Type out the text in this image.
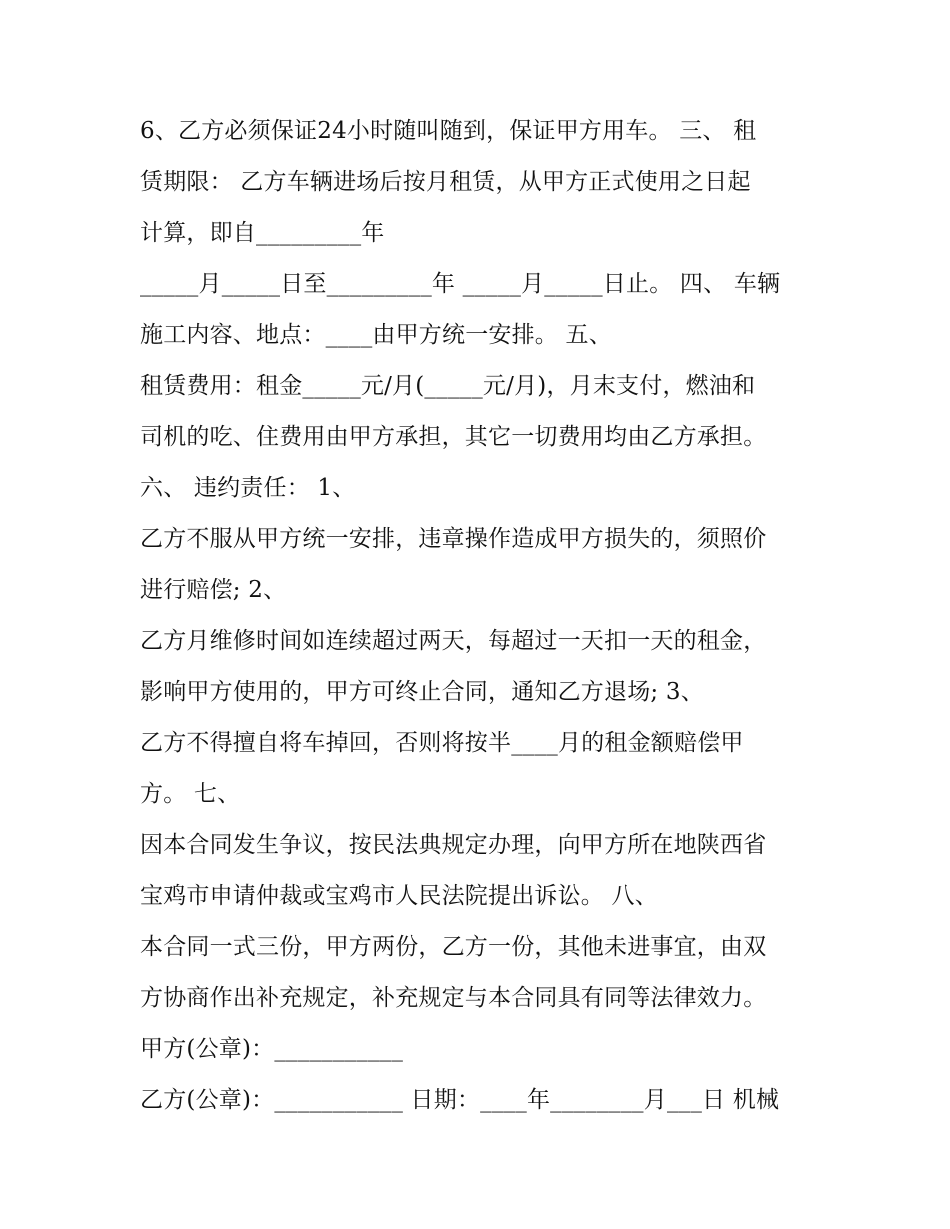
6、乙方必须保证24小时随叫随到，保证甲方用车。 三、 租
赁期限： 乙方车辆进场后按月租赁，从甲方正式使用之日起
计算，即自_________年
_____月_____日至_________年 _____月_____日止。 四、 车辆
施工内容、地点：____由甲方统一安排。 五、
租赁费用：租金_____元/月(_____元/月)，月末支付，燃油和
司机的吃、住费用由甲方承担，其它一切费用均由乙方承担。
六、 违约责任： 1、
乙方不服从甲方统一安排，违章操作造成甲方损失的，须照价
进行赔偿; 2、
乙方月维修时间如连续超过两天，每超过一天扣一天的租金，
影响甲方使用的，甲方可终止合同，通知乙方退场; 3、
乙方不得擅自将车掉回，否则将按半____月的租金额赔偿甲
方。 七、
因本合同发生争议，按民法典规定办理，向甲方所在地陕西省
宝鸡市申请仲裁或宝鸡市人民法院提出诉讼。 八、
本合同一式三份，甲方两份，乙方一份，其他未进事宜，由双
方协商作出补充规定，补充规定与本合同具有同等法律效力。
甲方(公章)：___________
乙方(公章)：___________ 日期：____年________月___日 机械
